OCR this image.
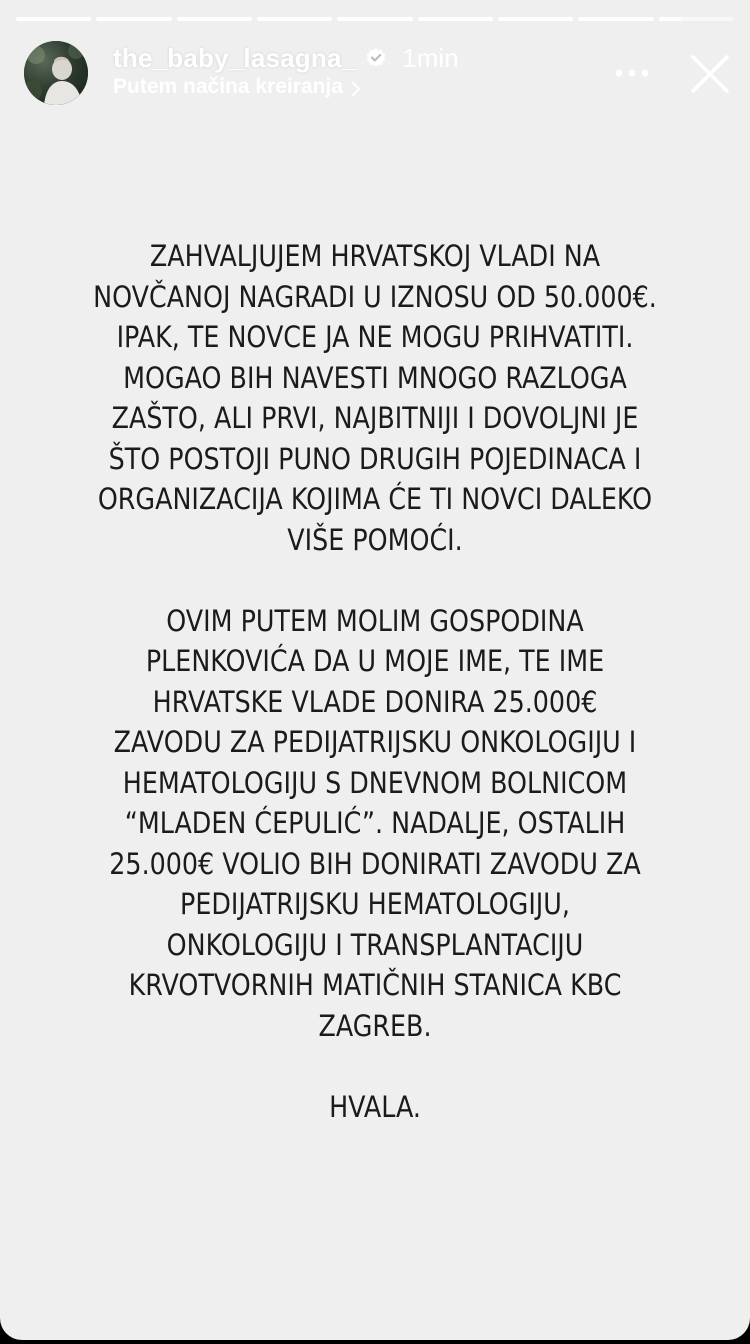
the_baby_lasagna_ 1min
Putem načina kreiranja

ZAHVALJUJEM HRVATSKOJ VLADI NA

NOVČANOJ NAGRADI U IZNOSU OD 50.000€.

IPAK, TE NOVCE JA NE MOGU PRIHVATITI.

MOGAO BIH NAVESTI MNOGO RAZLOGA

ZAŠTO, ALI PRVI, NAJBITNIJI I DOVOLJNI JE

ŠTO POSTOJI PUNO DRUGIH POJEDINACA I

ORGANIZACIJA KOJIMA ĆE TI NOVCI DALEKO

VIŠE POMOĆI.

OVIM PUTEM MOLIM GOSPODINA

PLENKOVIĆA DA U MOJE IME, TE IME

HRVATSKE VLADE DONIRA 25.000€

ZAVODU ZA PEDIJATRIJSKU ONKOLOGIJU I

HEMATOLOGIJU S DNEVNOM BOLNICOM

“MLADEN ĆEPULIĆ”. NADALJE, OSTALIH

25.000€ VOLIO BIH DONIRATI ZAVODU ZA

PEDIJATRIJSKU HEMATOLOGIJU,

ONKOLOGIJU I TRANSPLANTACIJU

KRVOTVORNIH MATIČNIH STANICA KBC

ZAGREB.

HVALA.
